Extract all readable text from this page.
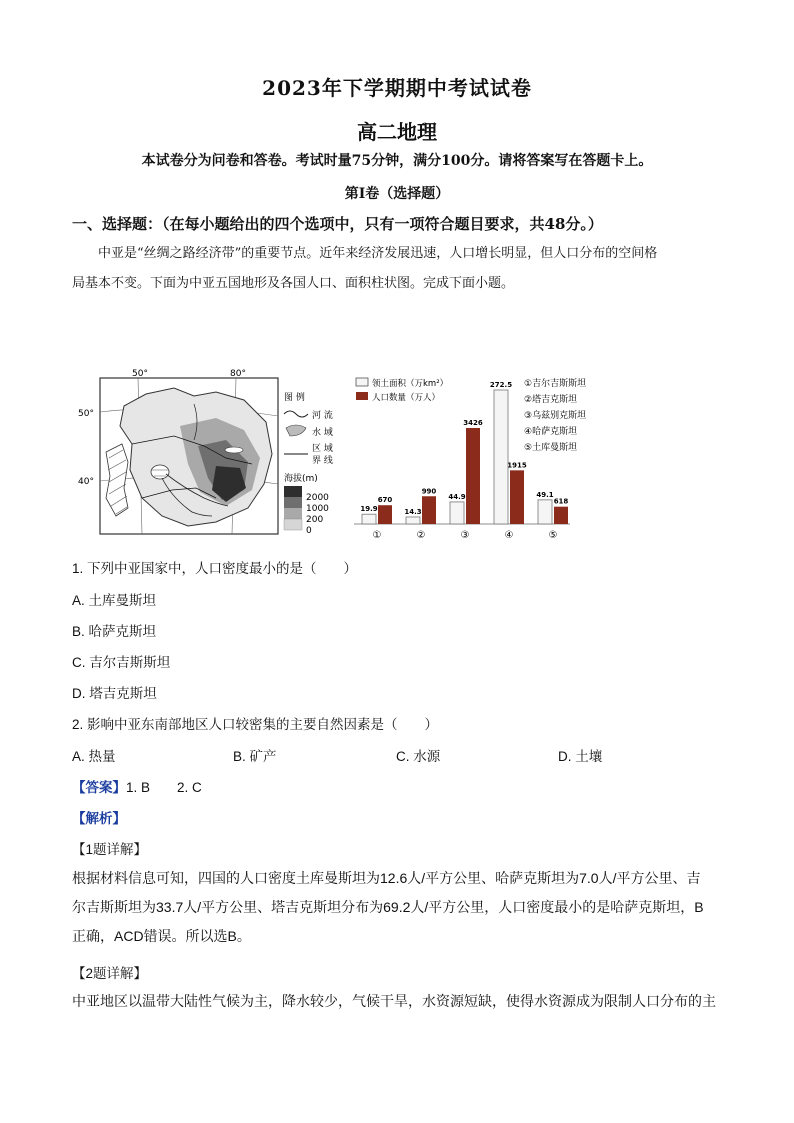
2023年下学期期中考试试卷
高二地理
本试卷分为问卷和答卷。考试时量75分钟，满分100分。请将答案写在答题卡上。
第Ⅰ卷（选择题）
一、选择题：（在每小题给出的四个选项中，只有一项符合题目要求，共48分。）
中亚是“丝绸之路经济带”的重要节点。近年来经济发展迅速，人口增长明显，但人口分布的空间格
局基本不变。下面为中亚五国地形及各国人口、面积柱状图。完成下面小题。
50°	80°
50°
40°
图 例
河 流
水 域
区 域
界 线
海拔(m)
2000
1000
200
0
领土面积（万km²）
人口数量（万人）
①吉尔吉斯斯坦
②塔吉克斯坦
③乌兹别克斯坦
④哈萨克斯坦
⑤土库曼斯坦
19.9
670
①
14.3
990
②
44.9
3426
③
272.5
1915
④
49.1
618
⑤
1. 下列中亚国家中，人口密度最小的是（　　）
A. 土库曼斯坦
B. 哈萨克斯坦
C. 吉尔吉斯斯坦
D. 塔吉克斯坦
2. 影响中亚东南部地区人口较密集的主要自然因素是（　　）
A. 热量	B. 矿产	C. 水源	D. 土壤
【答案】1. B　　2. C
【解析】
【1题详解】
根据材料信息可知，四国的人口密度土库曼斯坦为12.6人/平方公里、哈萨克斯坦为7.0人/平方公里、吉
尔吉斯斯坦为33.7人/平方公里、塔吉克斯坦分布为69.2人/平方公里，人口密度最小的是哈萨克斯坦，B
正确，ACD错误。所以选B。
【2题详解】
中亚地区以温带大陆性气候为主，降水较少，气候干旱，水资源短缺，使得水资源成为限制人口分布的主
